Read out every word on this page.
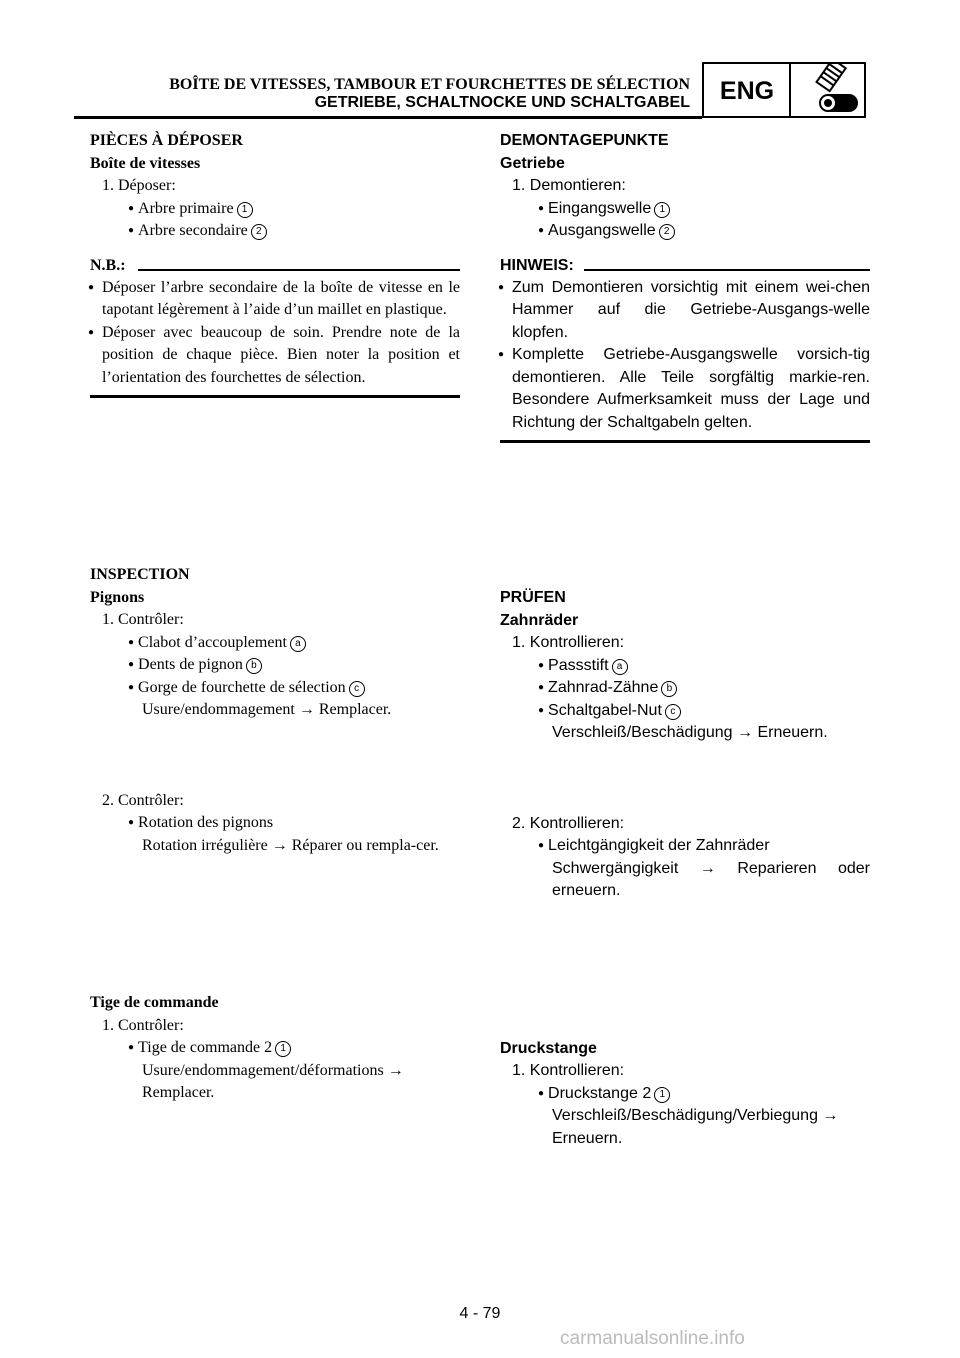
BOÎTE DE VITESSES, TAMBOUR ET FOURCHETTES DE SÉLECTION
GETRIEBE, SCHALTNOCKE UND SCHALTGABEL	ENG
PIÈCES À DÉPOSER
Boîte de vitesses
1. Déposer:
● Arbre primaire 1
● Arbre secondaire 2
N.B.:
● Déposer l’arbre secondaire de la boîte de vitesse en le tapotant légèrement à l’aide d’un maillet en plastique.
● Déposer avec beaucoup de soin. Prendre note de la position de chaque pièce. Bien noter la position et l’orientation des fourchettes de sélection.
INSPECTION
Pignons
1. Contrôler:
● Clabot d’accouplement a
● Dents de pignon b
● Gorge de fourchette de sélection c
Usure/endommagement → Remplacer.
2. Contrôler:
● Rotation des pignons
Rotation irrégulière → Réparer ou rempla-cer.
Tige de commande
1. Contrôler:
● Tige de commande 2 1
Usure/endommagement/déformations → Remplacer.
DEMONTAGEPUNKTE
Getriebe
1. Demontieren:
● Eingangswelle 1
● Ausgangswelle 2
HINWEIS:
● Zum Demontieren vorsichtig mit einem wei-chen Hammer auf die Getriebe-Ausgangs-welle klopfen.
● Komplette Getriebe-Ausgangswelle vorsich-tig demontieren. Alle Teile sorgfältig markie-ren. Besondere Aufmerksamkeit muss der Lage und Richtung der Schaltgabeln gelten.
PRÜFEN
Zahnräder
1. Kontrollieren:
● Passstift a
● Zahnrad-Zähne b
● Schaltgabel-Nut c
Verschleiß/Beschädigung → Erneuern.
2. Kontrollieren:
● Leichtgängigkeit der Zahnräder
Schwergängigkeit → Reparieren oder erneuern.
Druckstange
1. Kontrollieren:
● Druckstange 2 1
Verschleiß/Beschädigung/Verbiegung → Erneuern.
4 - 79
carmanualsonline.info
